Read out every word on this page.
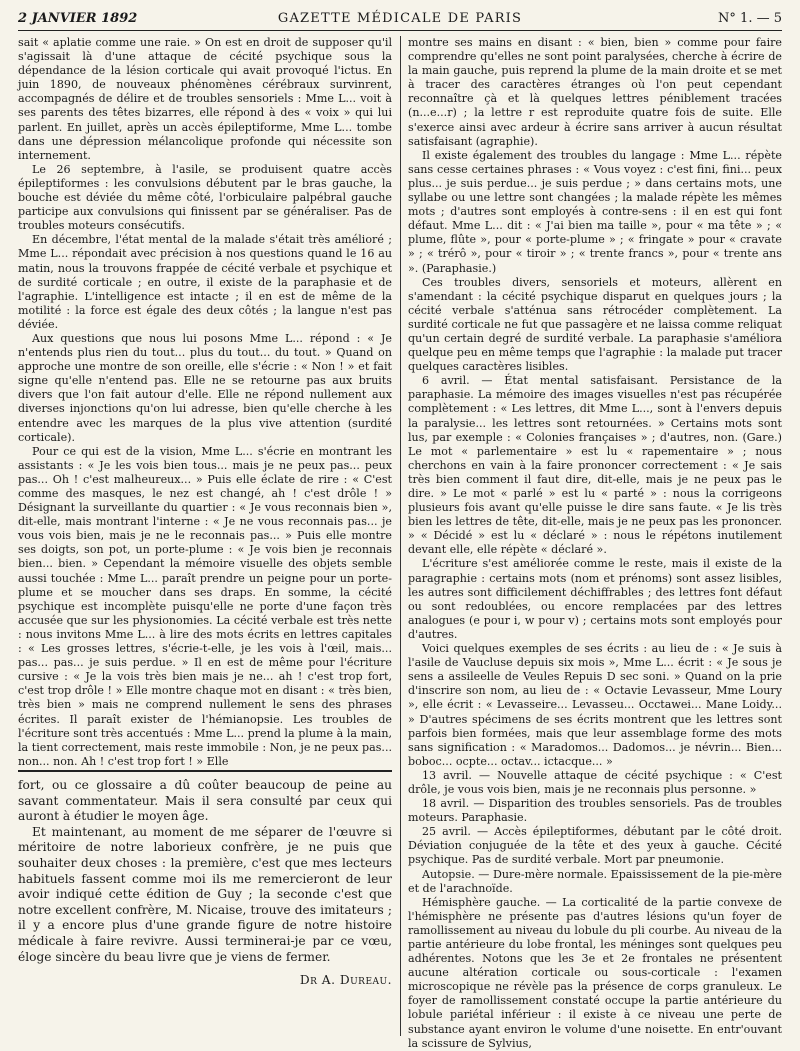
2 JANVIER 1892	GAZETTE MÉDICALE DE PARIS	N° 1. — 5

sait « aplatie comme une raie. » On est en droit de supposer qu'il s'agissait là d'une attaque de cécité psychique sous la dépendance de la lésion corticale qui avait provoqué l'ictus. En juin 1890, de nouveaux phénomènes cérébraux survinrent, accompagnés de délire et de troubles sensoriels : Mme L... voit à ses parents des têtes bizarres, elle répond à des « voix » qui lui parlent. En juillet, après un accès épileptiforme, Mme L... tombe dans une dépression mélancolique profonde qui nécessite son internement.

Le 26 septembre, à l'asile, se produisent quatre accès épileptiformes : les convulsions débutent par le bras gauche, la bouche est déviée du même côté, l'orbiculaire palpébral gauche participe aux convulsions qui finissent par se généraliser. Pas de troubles moteurs consécutifs.

En décembre, l'état mental de la malade s'était très amélioré ; Mme L... répondait avec précision à nos questions quand le 16 au matin, nous la trouvons frappée de cécité verbale et psychique et de surdité corticale ; en outre, il existe de la paraphasie et de l'agraphie. L'intelligence est intacte ; il en est de même de la motilité : la force est égale des deux côtés ; la langue n'est pas déviée.

Aux questions que nous lui posons Mme L... répond : « Je n'entends plus rien du tout... plus du tout... du tout. » Quand on approche une montre de son oreille, elle s'écrie : « Non ! » et fait signe qu'elle n'entend pas. Elle ne se retourne pas aux bruits divers que l'on fait autour d'elle. Elle ne répond nullement aux diverses injonctions qu'on lui adresse, bien qu'elle cherche à les entendre avec les marques de la plus vive attention (surdité corticale).

Pour ce qui est de la vision, Mme L... s'écrie en montrant les assistants : « Je les vois bien tous... mais je ne peux pas... peux pas... Oh ! c'est malheureux... » Puis elle éclate de rire : « C'est comme des masques, le nez est changé, ah ! c'est drôle ! » Désignant la surveillante du quartier : « Je vous reconnais bien », dit-elle, mais montrant l'interne : « Je ne vous reconnais pas... je vous vois bien, mais je ne le reconnais pas... » Puis elle montre ses doigts, son pot, un porte-plume : « Je vois bien je reconnais bien... bien. » Cependant la mémoire visuelle des objets semble aussi touchée : Mme L... paraît prendre un peigne pour un porte-plume et se moucher dans ses draps. En somme, la cécité psychique est incomplète puisqu'elle ne porte d'une façon très accusée que sur les physionomies. La cécité verbale est très nette : nous invitons Mme L... à lire des mots écrits en lettres capitales : « Les grosses lettres, s'écrie-t-elle, je les vois à l'œil, mais... pas... pas... je suis perdue. » Il en est de même pour l'écriture cursive : « Je la vois très bien mais je ne... ah ! c'est trop fort, c'est trop drôle ! » Elle montre chaque mot en disant : « très bien, très bien » mais ne comprend nullement le sens des phrases écrites. Il paraît exister de l'hémianopsie. Les troubles de l'écriture sont très accentués : Mme L... prend la plume à la main, la tient correctement, mais reste immobile : Non, je ne peux pas... non... non. Ah ! c'est trop fort ! » Elle

fort, ou ce glossaire a dû coûter beaucoup de peine au savant commentateur. Mais il sera consulté par ceux qui auront à étudier le moyen âge.

Et maintenant, au moment de me séparer de l'œuvre si méritoire de notre laborieux confrère, je ne puis que souhaiter deux choses : la première, c'est que mes lecteurs habituels fassent comme moi ils me remercieront de leur avoir indiqué cette édition de Guy ; la seconde c'est que notre excellent confrère, M. Nicaise, trouve des imitateurs ; il y a encore plus d'une grande figure de notre histoire médicale à faire revivre. Aussi terminerai-je par ce vœu, éloge sincère du beau livre que je viens de fermer.

Dr A. Dureau.

montre ses mains en disant : « bien, bien » comme pour faire comprendre qu'elles ne sont point paralysées, cherche à écrire de la main gauche, puis reprend la plume de la main droite et se met à tracer des caractères étranges où l'on peut cependant reconnaître çà et là quelques lettres péniblement tracées (n...e...r) ; la lettre r est reproduite quatre fois de suite. Elle s'exerce ainsi avec ardeur à écrire sans arriver à aucun résultat satisfaisant (agraphie).

Il existe également des troubles du langage : Mme L... répète sans cesse certaines phrases : « Vous voyez : c'est fini, fini... peux plus... je suis perdue... je suis perdue ; » dans certains mots, une syllabe ou une lettre sont changées ; la malade répète les mêmes mots ; d'autres sont employés à contre-sens : il en est qui font défaut. Mme L... dit : « J'ai bien ma taille », pour « ma tête » ; « plume, flûte », pour « porte-plume » ; « fringate » pour « cravate » ; « trérô », pour « tiroir » ; « trente francs », pour « trente ans ». (Paraphasie.)

Ces troubles divers, sensoriels et moteurs, allèrent en s'amendant : la cécité psychique disparut en quelques jours ; la cécité verbale s'atténua sans rétrocéder complètement. La surdité corticale ne fut que passagère et ne laissa comme reliquat qu'un certain degré de surdité verbale. La paraphasie s'améliora quelque peu en même temps que l'agraphie : la malade put tracer quelques caractères lisibles.

6 avril. — État mental satisfaisant. Persistance de la paraphasie. La mémoire des images visuelles n'est pas récupérée complètement : « Les lettres, dit Mme L..., sont à l'envers depuis la paralysie... les lettres sont retournées. » Certains mots sont lus, par exemple : « Colonies françaises » ; d'autres, non. (Gare.) Le mot « parlementaire » est lu « rapementaire » ; nous cherchons en vain à la faire prononcer correctement : « Je sais très bien comment il faut dire, dit-elle, mais je ne peux pas le dire. » Le mot « parlé » est lu « parté » : nous la corrigeons plusieurs fois avant qu'elle puisse le dire sans faute. « Je lis très bien les lettres de tête, dit-elle, mais je ne peux pas les prononcer. » « Décidé » est lu « déclaré » : nous le répétons inutilement devant elle, elle répète « déclaré ».

L'écriture s'est améliorée comme le reste, mais il existe de la paragraphie : certains mots (nom et prénoms) sont assez lisibles, les autres sont difficilement déchiffrables ; des lettres font défaut ou sont redoublées, ou encore remplacées par des lettres analogues (e pour i, w pour v) ; certains mots sont employés pour d'autres.

Voici quelques exemples de ses écrits : au lieu de : « Je suis à l'asile de Vaucluse depuis six mois », Mme L... écrit : « Je sous je sens a assileelle de Veules Repuis D sec soni. » Quand on la prie d'inscrire son nom, au lieu de : « Octavie Levasseur, Mme Loury », elle écrit : « Levasseire... Levasseu... Occtawei... Mane Loidy... » D'autres spécimens de ses écrits montrent que les lettres sont parfois bien formées, mais que leur assemblage forme des mots sans signification : « Maradomos... Dadomos... je névrin... Bien... boboc... ocpte... octav... ictacque... »

13 avril. — Nouvelle attaque de cécité psychique : « C'est drôle, je vous vois bien, mais je ne reconnais plus personne. »

18 avril. — Disparition des troubles sensoriels. Pas de troubles moteurs. Paraphasie.

25 avril. — Accès épileptiformes, débutant par le côté droit. Déviation conjuguée de la tête et des yeux à gauche. Cécité psychique. Pas de surdité verbale. Mort par pneumonie.

Autopsie. — Dure-mère normale. Epaississement de la pie-mère et de l'arachnoïde.

Hémisphère gauche. — La corticalité de la partie convexe de l'hémisphère ne présente pas d'autres lésions qu'un foyer de ramollissement au niveau du lobule du pli courbe. Au niveau de la partie antérieure du lobe frontal, les méninges sont quelques peu adhérentes. Notons que les 3e et 2e frontales ne présentent aucune altération corticale ou sous-corticale : l'examen microscopique ne révèle pas la présence de corps granuleux. Le foyer de ramollissement constaté occupe la partie antérieure du lobule pariétal inférieur : il existe à ce niveau une perte de substance ayant environ le volume d'une noisette. En entr'ouvant la scissure de Sylvius,
